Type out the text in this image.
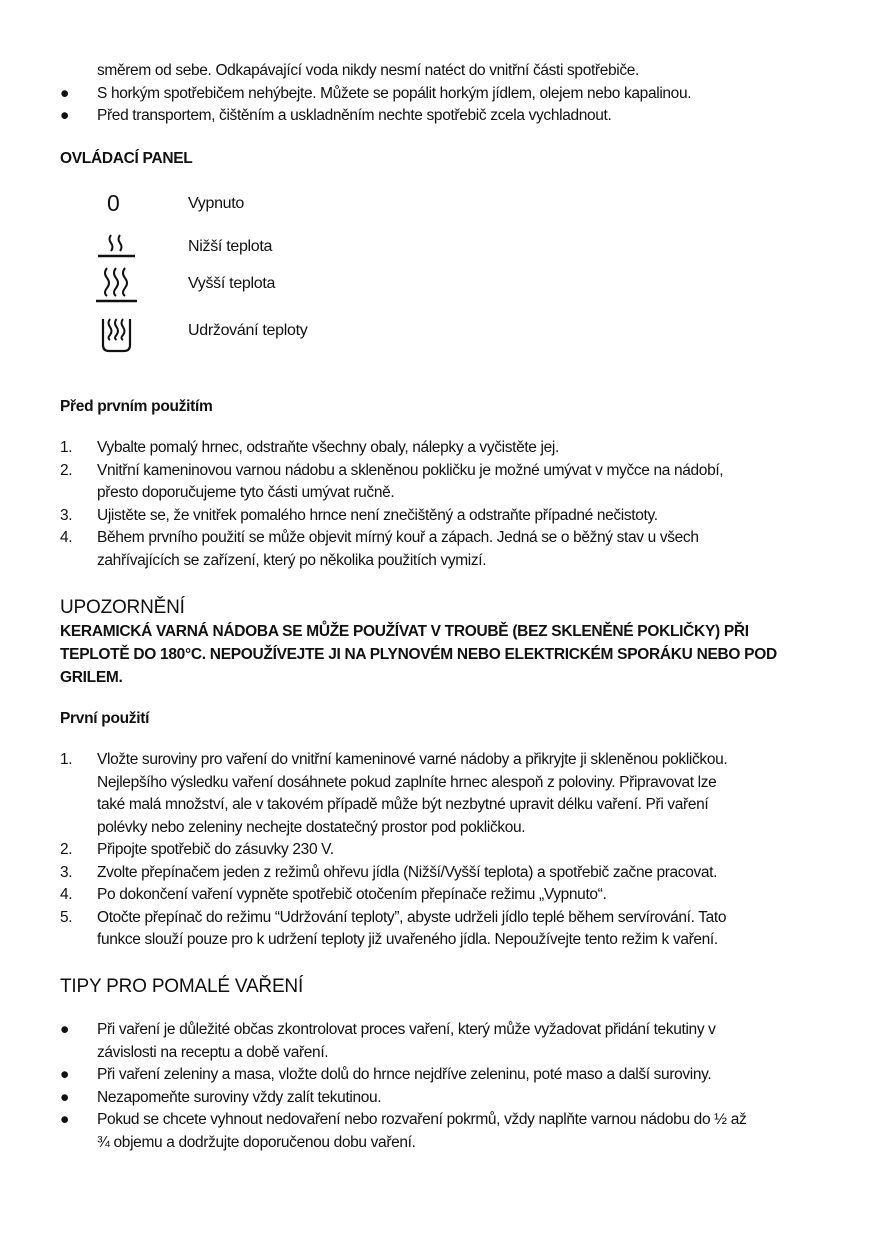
směrem od sebe. Odkapávající voda nikdy nesmí natéct do vnitřní části spotřebiče.
●	S horkým spotřebičem nehýbejte. Můžete se popálit horkým jídlem, olejem nebo kapalinou.
●	Před transportem, čištěním a uskladněním nechte spotřebič zcela vychladnout.
OVLÁDACÍ PANEL
0	Vypnuto
Nižší teplota
Vyšší teplota
Udržování teploty
Před prvním použitím
1.	Vybalte pomalý hrnec, odstraňte všechny obaly, nálepky a vyčistěte jej.
2.	Vnitřní kameninovou varnou nádobu a skleněnou pokličku je možné umývat v myčce na nádobí,
přesto doporučujeme tyto části umývat ručně.
3.	Ujistěte se, že vnitřek pomalého hrnce není znečištěný a odstraňte případné nečistoty.
4.	Během prvního použití se může objevit mírný kouř a zápach. Jedná se o běžný stav u všech
zahřívajících se zařízení, který po několika použitích vymizí.
UPOZORNĚNÍ
KERAMICKÁ VARNÁ NÁDOBA SE MŮŽE POUŽÍVAT V TROUBĚ (BEZ SKLENĚNÉ POKLIČKY) PŘI
TEPLOTĚ DO 180°C. NEPOUŽÍVEJTE JI NA PLYNOVÉM NEBO ELEKTRICKÉM SPORÁKU NEBO POD
GRILEM.
První použití
1.	Vložte suroviny pro vaření do vnitřní kameninové varné nádoby a přikryjte ji skleněnou pokličkou.
Nejlepšího výsledku vaření dosáhnete pokud zaplníte hrnec alespoň z poloviny. Připravovat lze
také malá množství, ale v takovém případě může být nezbytné upravit délku vaření. Při vaření
polévky nebo zeleniny nechejte dostatečný prostor pod pokličkou.
2.	Připojte spotřebič do zásuvky 230 V.
3.	Zvolte přepínačem jeden z režimů ohřevu jídla (Nižší/Vyšší teplota) a spotřebič začne pracovat.
4.	Po dokončení vaření vypněte spotřebič otočením přepínače režimu „Vypnuto“.
5.	Otočte přepínač do režimu “Udržování teploty”, abyste udrželi jídlo teplé během servírování. Tato
funkce slouží pouze pro k udržení teploty již uvařeného jídla. Nepoužívejte tento režim k vaření.
TIPY PRO POMALÉ VAŘENÍ
●	Při vaření je důležité občas zkontrolovat proces vaření, který může vyžadovat přidání tekutiny v
závislosti na receptu a době vaření.
●	Při vaření zeleniny a masa, vložte dolů do hrnce nejdříve zeleninu, poté maso a další suroviny.
●	Nezapomeňte suroviny vždy zalít tekutinou.
●	Pokud se chcete vyhnout nedovaření nebo rozvaření pokrmů, vždy naplňte varnou nádobu do ½ až
¾ objemu a dodržujte doporučenou dobu vaření.
